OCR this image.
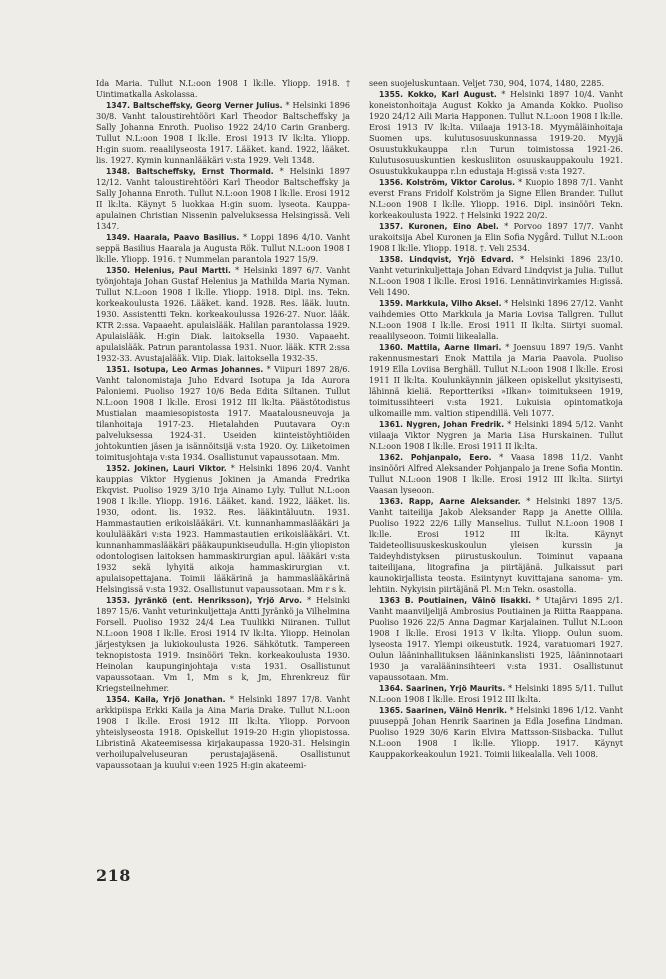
Ida Maria. Tullut N.L:oon 1908 I lk:lle. Yliopp. 1918. † Uintimatkalla Askolassa.

1347. Baltscheffsky, Georg Verner Julius. * Helsinki 1896 30/8. Vanht taloustirehtööri Karl Theodor Baltscheffsky ja Sally Johanna Enroth. Puoliso 1922 24/10 Carin Granberg. Tullut N.L:oon 1908 I lk:lle. Erosi 1913 IV lk:lta. Yliopp. H:gin suom. reaalilyseosta 1917. Lääket. kand. 1922, lääket. lis. 1927. Kymin kunnanlääkäri v:sta 1929. Veli 1348.

1348. Baltscheffsky, Ernst Thormald. * Helsinki 1897 12/12. Vanht taloustirehtööri Karl Theodor Baltscheffsky ja Sally Johanna Enroth. Tullut N.L:oon 1908 I lk:lle. Erosi 1912 II lk:lta. Käynyt 5 luokkaa H:gin suom. lyseota. Kauppa-apulainen Christian Nissenin palveluksessa Helsingissä. Veli 1347.

1349. Haarala, Paavo Basilius. * Loppi 1896 4/10. Vanht seppä Basilius Haarala ja Augusta Rök. Tullut N.L:oon 1908 I lk:lle. Yliopp. 1916. † Nummelan parantola 1927 15/9.

1350. Helenius, Paul Martti. * Helsinki 1897 6/7. Vanht työnjohtaja Johan Gustaf Helenius ja Mathilda Maria Nyman. Tullut N.L:oon 1908 I lk:lle. Yliopp. 1918. Dipl. ins. Tekn. korkeakoulusta 1926. Lääket. kand. 1928. Res. lääk. luutn. 1930. Assistentti Tekn. korkeakoulussa 1926-27. Nuor. lääk. KTR 2:ssa. Vapaaeht. apulaislääk. Halilan parantolassa 1929. Apulaislääk. H:gin Diak. laitoksella 1930. Vapaaeht. apulaislääk. Patrun parantolassa 1931. Nuor. lääk. KTR 2:ssa 1932-33. Avustajalääk. Viip. Diak. laitoksella 1932-35.

1351. Isotupa, Leo Armas Johannes. * Viipuri 1897 28/6. Vanht talonomistaja Juho Edvard Isotupa ja Ida Aurora Paloniemi. Puoliso 1927 10/6 Beda Edita Siltanen. Tullut N.L:oon 1908 I lk:lle. Erosi 1912 III lk:lta. Päästötodistus Mustialan maamiesopistosta 1917. Maatalousneuvoja ja tilanhoitaja 1917-23. Hietalahden Puutavara Oy:n palveluksessa 1924-31. Useiden kiinteistöyhtiöiden johtokuntien jäsen ja isännöitsijä v:sta 1920. Oy. Liiketoimen toimitusjohtaja v:sta 1934. Osallistunut vapaussotaan. Mm.

1352. Jokinen, Lauri Viktor. * Helsinki 1896 20/4. Vanht kauppias Viktor Hygienus Jokinen ja Amanda Fredrika Ekqvist. Puoliso 1929 3/10 Irja Ainamo Lyly. Tullut N.L:oon 1908 I lk:lle. Yliopp. 1916. Lääket. kand. 1922, lääket. lis. 1930, odont. lis. 1932. Res. lääkintäluutn. 1931. Hammastautien erikoislääkäri. V.t. kunnanhammaslääkäri ja koululääkäri v:sta 1923. Hammastautien erikoislääkäri. V.t. kunnanhammaslääkäri pääkaupunkiseudulla. H:gin yliopiston odontologisen laitoksen hammaskirurgian apul. lääkäri v:sta 1932 sekä lyhyitä aikoja hammaskirurgian v.t. apulaisopettajana. Toimii lääkärinä ja hammaslääkärinä Helsingissä v:sta 1932. Osallistunut vapaussotaan. Mm r s k.

1353. Jyränkö (ent. Henriksson), Yrjö Arvo. * Helsinki 1897 15/6. Vanht veturinkuljettaja Antti Jyränkö ja Vilhelmina Forsell. Puoliso 1932 24/4 Lea Tuulikki Niiranen. Tullut N.L:oon 1908 I lk:lle. Erosi 1914 IV lk:lta. Yliopp. Heinolan järjestyksen ja lukiokoulusta 1926. Sähkötutk. Tampereen teknopistosta 1919. Insinööri Tekn. korkeakoulusta 1930. Heinolan kaupunginjohtaja v:sta 1931. Osallistunut vapaussotaan. Vm 1, Mm s k, Jm, Ehrenkreuz für Kriegsteilnehmer.

1354. Kaila, Yrjö Jonathan. * Helsinki 1897 17/8. Vanht arkkipiispa Erkki Kaila ja Aina Maria Drake. Tullut N.L:oon 1908 I lk:lle. Erosi 1912 III lk:lta. Yliopp. Porvoon yhteislyseosta 1918. Opiskellut 1919-20 H:gin yliopistossa. Libristinä Akateemisessa kirjakaupassa 1920-31. Helsingin verhoilupalveluseuran perustajajäsenä. Osallistunut vapaussotaan ja kuului v:een 1925 H:gin akateemi-

seen suojeluskuntaan. Veljet 730, 904, 1074, 1480, 2285.

1355. Kokko, Karl August. * Helsinki 1897 10/4. Vanht koneistonhoitaja August Kokko ja Amanda Kokko. Puoliso 1920 24/12 Aili Maria Happonen. Tullut N.L:oon 1908 I lk:lle. Erosi 1913 IV lk:lta. Viilaaja 1913-18. Myymäläinhoitaja Suomen ups. kulutusosuuskunnassa 1919-20. Myyjä Osuustukkukauppa r.l:n Turun toimistossa 1921-26. Kulutusosuuskuntien keskusliiton osuuskauppakoulu 1921. Osuustukkukauppa r.l:n edustaja H:gissä v:sta 1927.

1356. Kolström, Viktor Carolus. * Kuopio 1898 7/1. Vanht everst Frans Fridolf Kolström ja Signe Ellen Brander. Tullut N.L:oon 1908 I lk:lle. Yliopp. 1916. Dipl. insinööri Tekn. korkeakoulusta 1922. † Helsinki 1922 20/2.

1357. Kuronen, Eino Abel. * Porvoo 1897 17/7. Vanht urakoitsija Abel Kuronen ja Elin Sofia Nygård. Tullut N.L:oon 1908 I lk:lle. Yliopp. 1918. †. Veli 2534.

1358. Lindqvist, Yrjö Edvard. * Helsinki 1896 23/10. Vanht veturinkuljettaja Johan Edvard Lindqvist ja Julia. Tullut N.L:oon 1908 I lk:lle. Erosi 1916. Lennätinvirkamies H:gissä. Veli 1490.

1359. Markkula, Vilho Aksel. * Helsinki 1896 27/12. Vanht vaihdemies Otto Markkula ja Maria Lovisa Tallgren. Tullut N.L:oon 1908 I lk:lle. Erosi 1911 II lk:lta. Siirtyi suomal. reaalilyseoon. Toimii liikealalla.

1360. Mattila, Aarne Ilmari. * Joensuu 1897 19/5. Vanht rakennusmestari Enok Mattila ja Maria Paavola. Puoliso 1919 Ella Loviisa Berghäll. Tullut N.L:oon 1908 I lk:lle. Erosi 1911 II lk:lta. Koulunkäynnin jälkeen opiskellut yksityisesti, lähinnä kieliä. Reportteriksi »Ilkan» toimitukseen 1919, toimitussihteeri v:sta 1921. Lukuisia opintomatkoja ulkomaille mm. valtion stipendillä. Veli 1077.

1361. Nygren, Johan Fredrik. * Helsinki 1894 5/12. Vanht viilaaja Viktor Nygren ja Maria Lisa Hurskainen. Tullut N.L:oon 1908 I lk:lle. Erosi 1911 II lk:lta.

1362. Pohjanpalo, Eero. * Vaasa 1898 11/2. Vanht insinööri Alfred Aleksander Pohjanpalo ja Irene Sofia Montin. Tullut N.L:oon 1908 I lk:lle. Erosi 1912 III lk:lta. Siirtyi Vaasan lyseoon.

1363. Rapp, Aarne Aleksander. * Helsinki 1897 13/5. Vanht taiteilija Jakob Aleksander Rapp ja Anette Ollila. Puoliso 1922 22/6 Lilly Manselius. Tullut N.L:oon 1908 I lk:lle. Erosi 1912 III lk:lta. Käynyt Taideteollisuuskeskuskoulun yleisen kurssin ja Taideyhdistyksen piirustuskoulun. Toiminut vapaana taiteilijana, litografina ja piirtäjänä. Julkaissut pari kaunokirjallista teosta. Esiintynyt kuvittajana sanoma- ym. lehtiin. Nykyisin piirtäjänä Pl. M:n Tekn. osastolla.

1363 B. Poutiainen, Väinö Iisakki. * Utajärvi 1895 2/1. Vanht maanviljelijä Ambrosius Poutiainen ja Riitta Raappana. Puoliso 1926 22/5 Anna Dagmar Karjalainen. Tullut N.L:oon 1908 I lk:lle. Erosi 1913 V lk:lta. Yliopp. Oulun suom. lyseosta 1917. Ylempi oikeustutk. 1924, varatuomari 1927. Oulun lääninhallituksen lääninkanslisti 1925, lääninnotaari 1930 ja varalääninsihteeri v:sta 1931. Osallistunut vapaussotaan. Mm.

1364. Saarinen, Yrjö Maurits. * Helsinki 1895 5/11. Tullut N.L:oon 1908 I lk:lle. Erosi 1912 III lk:lta.

1365. Saarinen, Väinö Henrik. * Helsinki 1896 1/12. Vanht puuseppä Johan Henrik Saarinen ja Edla Josefina Lindman. Puoliso 1929 30/6 Karin Elvira Mattsson-Siisbacka. Tullut N.L:oon 1908 I lk:lle. Yliopp. 1917. Käynyt Kauppakorkeakoulun 1921. Toimii liikealalla. Veli 1008.

218
